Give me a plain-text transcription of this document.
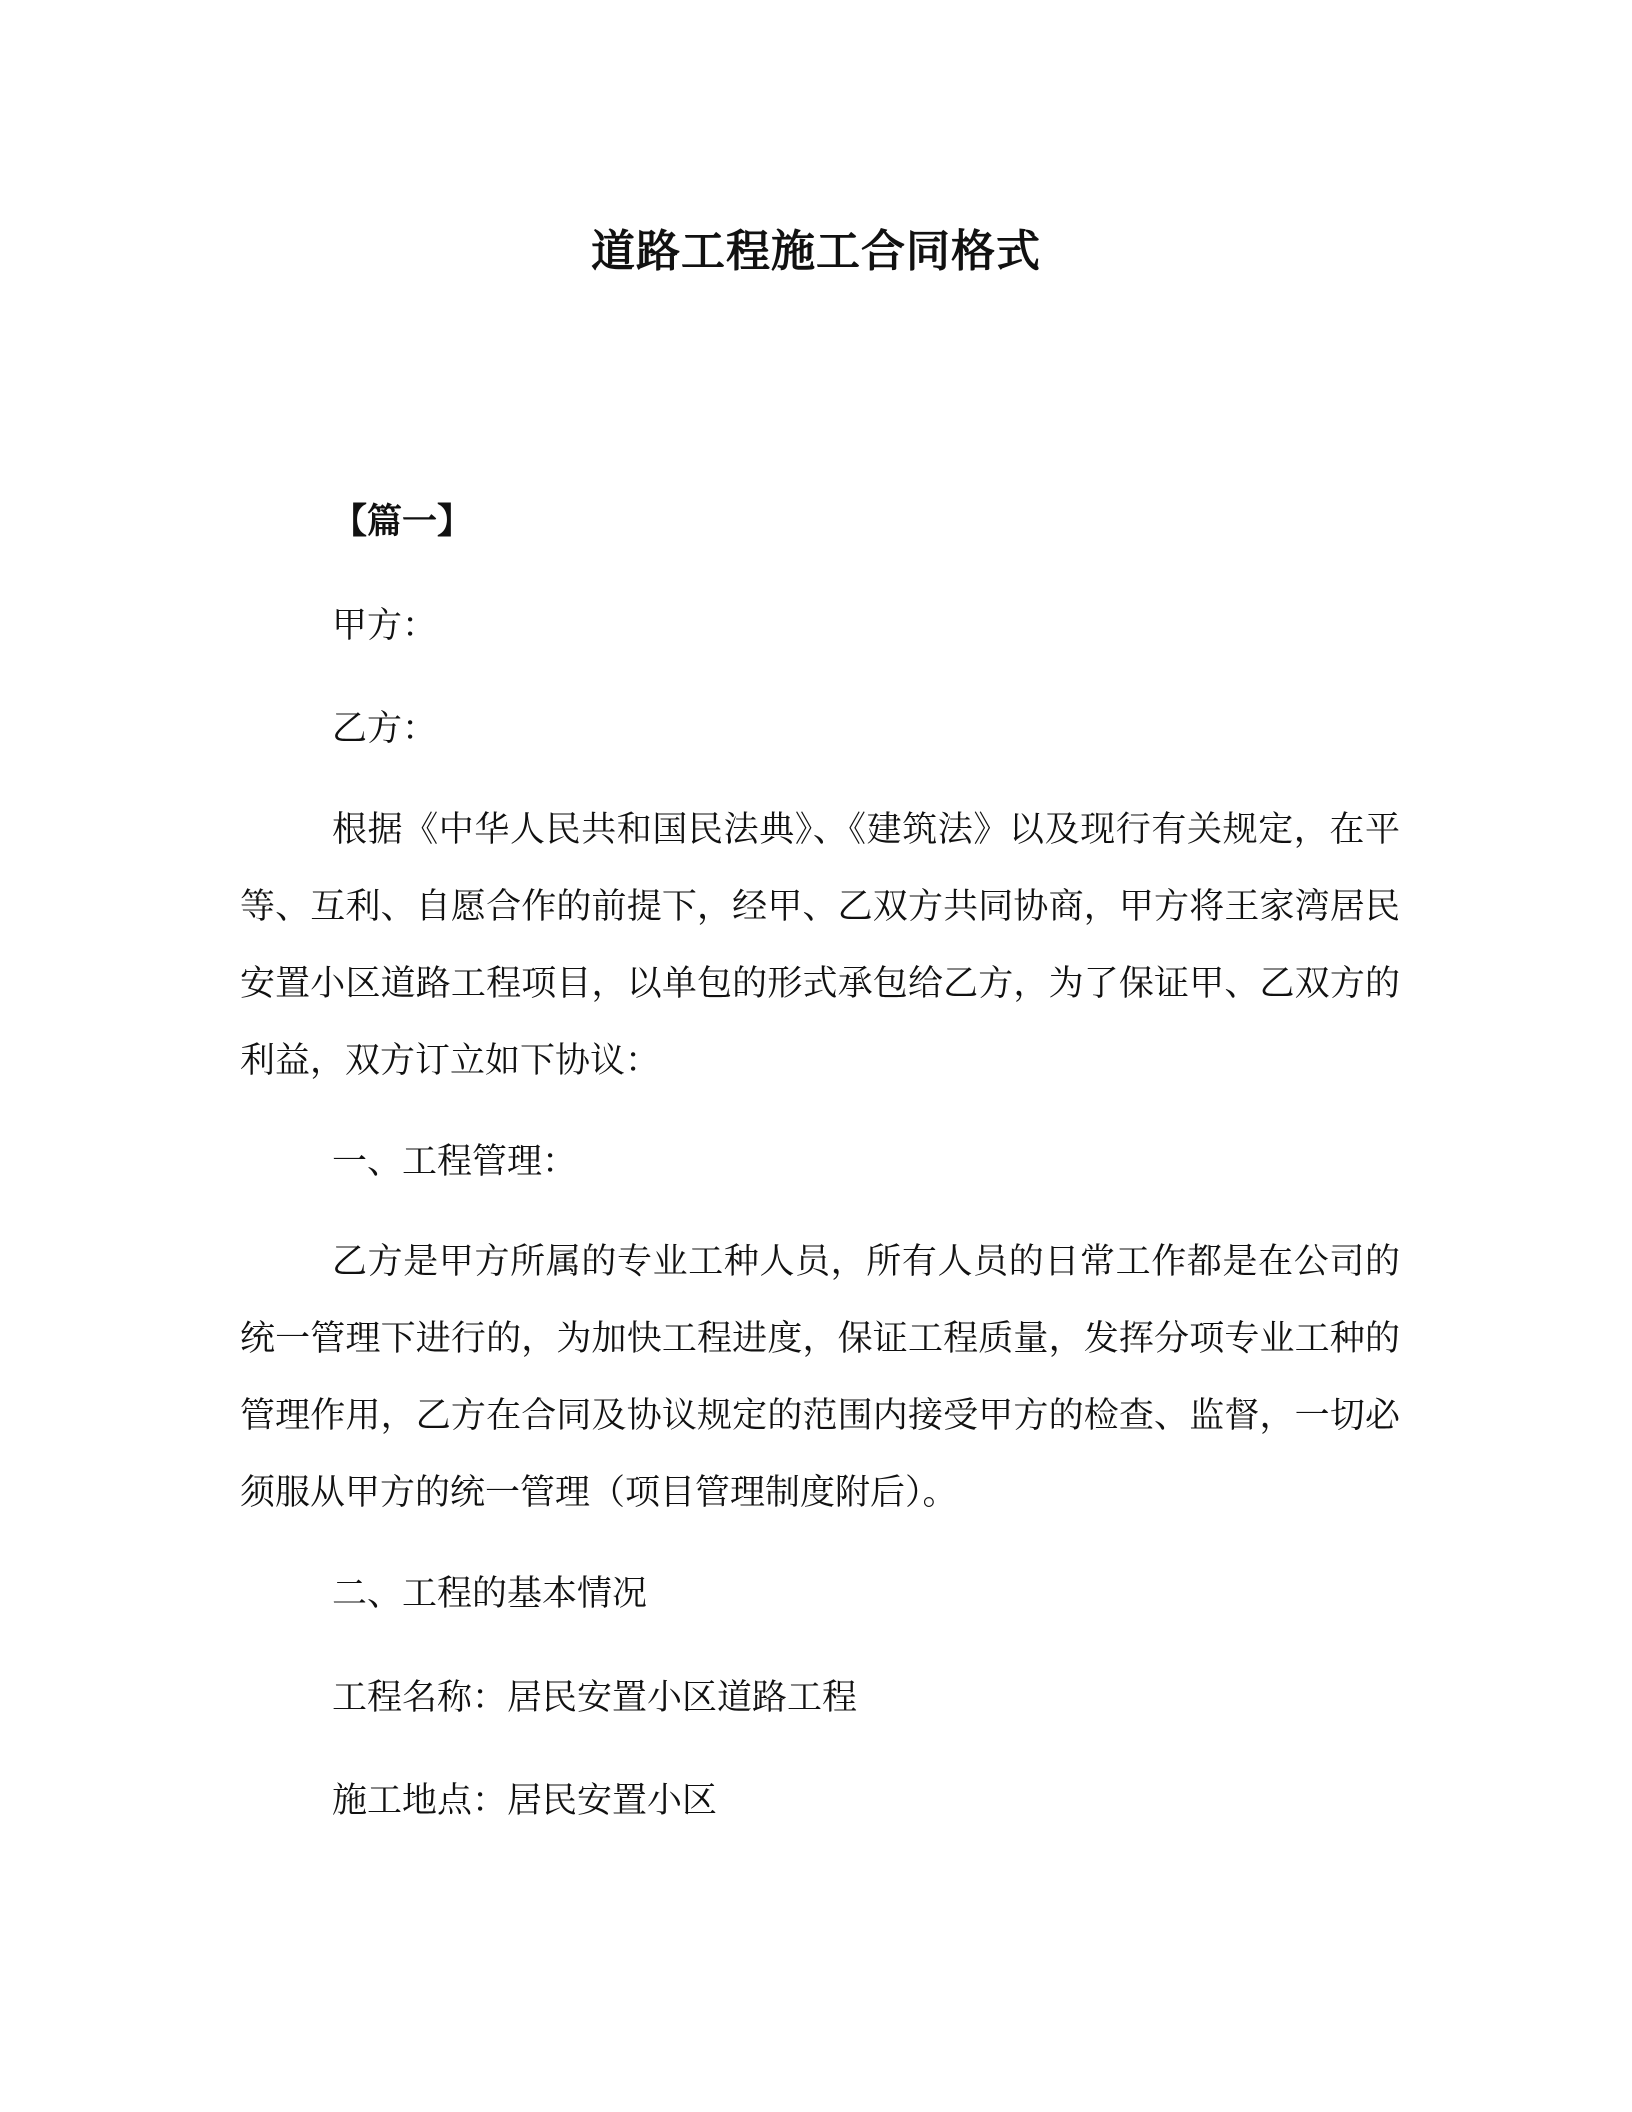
道路工程施工合同格式
【篇一】
甲方：
乙方：
根据《中华人民共和国民法典》、《建筑法》以及现行有关规定，在平等、互利、自愿合作的前提下，经甲、乙双方共同协商，甲方将王家湾居民安置小区道路工程项目，以单包的形式承包给乙方，为了保证甲、乙双方的利益，双方订立如下协议：
一、工程管理：
乙方是甲方所属的专业工种人员，所有人员的日常工作都是在公司的统一管理下进行的，为加快工程进度，保证工程质量，发挥分项专业工种的管理作用，乙方在合同及协议规定的范围内接受甲方的检查、监督，一切必须服从甲方的统一管理（项目管理制度附后）。
二、工程的基本情况
工程名称：居民安置小区道路工程
施工地点：居民安置小区
